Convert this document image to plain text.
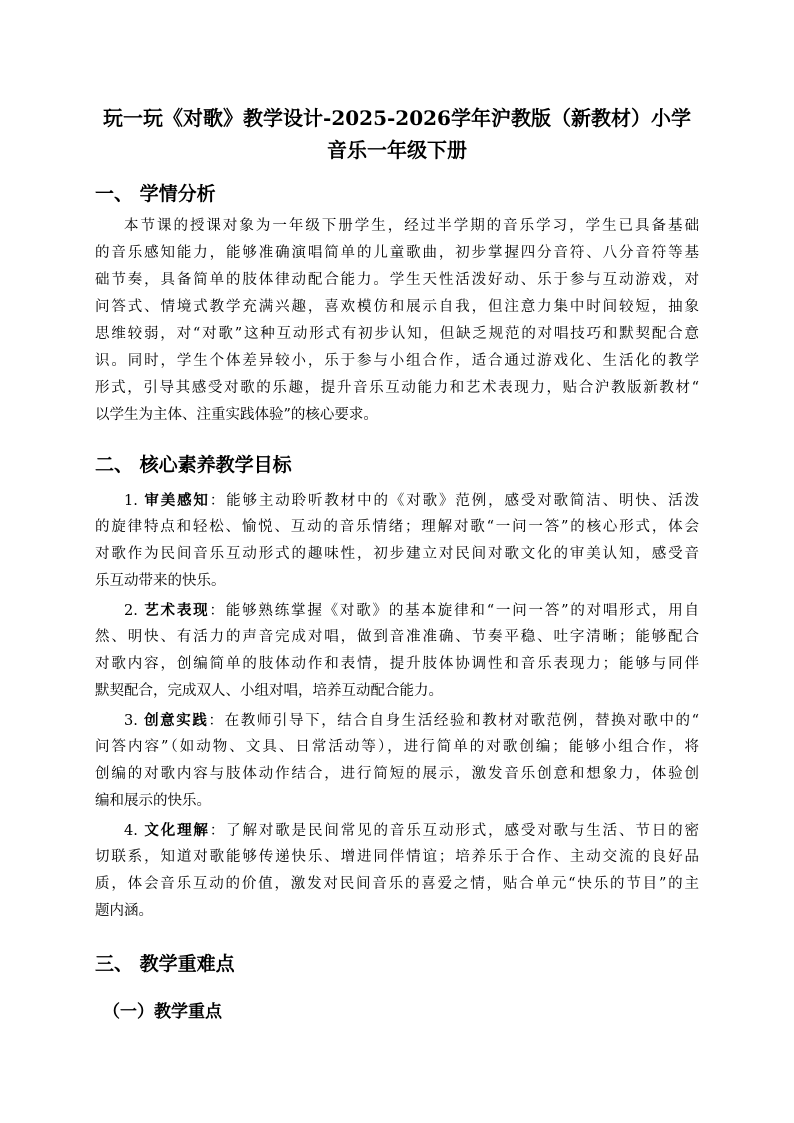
玩一玩《对歌》教学设计-2025-2026学年沪教版（新教材）小学
音乐一年级下册
一、 学情分析
本节课的授课对象为一年级下册学生，经过半学期的音乐学习，学生已具备基础
的音乐感知能力，能够准确演唱简单的儿童歌曲，初步掌握四分音符、八分音符等基
础节奏，具备简单的肢体律动配合能力。学生天性活泼好动、乐于参与互动游戏，对
问答式、情境式教学充满兴趣，喜欢模仿和展示自我，但注意力集中时间较短，抽象
思维较弱，对“对歌”这种互动形式有初步认知，但缺乏规范的对唱技巧和默契配合意
识。同时，学生个体差异较小，乐于参与小组合作，适合通过游戏化、生活化的教学
形式，引导其感受对歌的乐趣，提升音乐互动能力和艺术表现力，贴合沪教版新教材“
以学生为主体、注重实践体验”的核心要求。
二、 核心素养教学目标
1. 审美感知：能够主动聆听教材中的《对歌》范例，感受对歌简洁、明快、活泼
的旋律特点和轻松、愉悦、互动的音乐情绪；理解对歌“一问一答”的核心形式，体会
对歌作为民间音乐互动形式的趣味性，初步建立对民间对歌文化的审美认知，感受音
乐互动带来的快乐。
2. 艺术表现：能够熟练掌握《对歌》的基本旋律和“一问一答”的对唱形式，用自
然、明快、有活力的声音完成对唱，做到音准准确、节奏平稳、吐字清晰；能够配合
对歌内容，创编简单的肢体动作和表情，提升肢体协调性和音乐表现力；能够与同伴
默契配合，完成双人、小组对唱，培养互动配合能力。
3. 创意实践：在教师引导下，结合自身生活经验和教材对歌范例，替换对歌中的“
问答内容”（如动物、文具、日常活动等），进行简单的对歌创编；能够小组合作，将
创编的对歌内容与肢体动作结合，进行简短的展示，激发音乐创意和想象力，体验创
编和展示的快乐。
4. 文化理解：了解对歌是民间常见的音乐互动形式，感受对歌与生活、节日的密
切联系，知道对歌能够传递快乐、增进同伴情谊；培养乐于合作、主动交流的良好品
质，体会音乐互动的价值，激发对民间音乐的喜爱之情，贴合单元“快乐的节目”的主
题内涵。
三、 教学重难点
（一）教学重点
